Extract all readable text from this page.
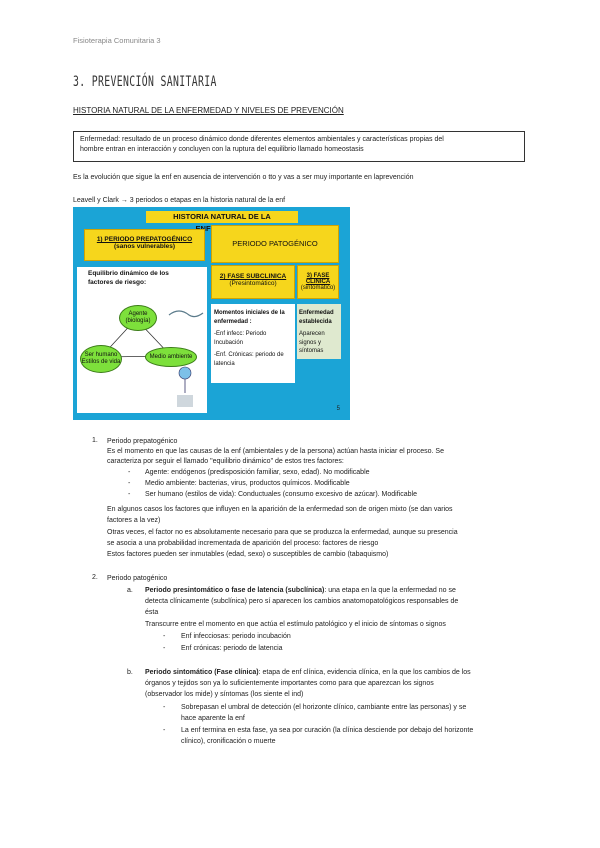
Fisioterapia Comunitaria 3
3. PREVENCIÓN SANITARIA
HISTORIA NATURAL DE LA ENFERMEDAD Y NIVELES DE PREVENCIÓN
Enfermedad: resultado de un proceso dinámico donde diferentes elementos ambientales y características propias del
hombre entran en interacción y concluyen con la ruptura del equilibrio llamado homeostasis
Es la evolución que sigue la enf en ausencia de intervención o tto y vas a ser muy importante en laprevención
Leavell y Clark → 3 periodos o etapas en la historia natural de la enf
HISTORIA NATURAL DE LA
1) PERIODO PREPATOGÉNICO
(sanos vulnerables)	PERIODO PATOGÉNICO
2) FASE SUBCLINICA
(Presintomático)
3) FASE CLINICA
(sintomático)
Equilibrio dinámico de los factores de riesgo:
Agente (biología)
Ser humano Estilos de vida
Medio ambiente
Momentos iniciales de la enfermedad :
-Enf infecc: Periodo Incubación
-Enf. Crónicas: periodo de latencia
Enfermedad establecida
Aparecen signos y síntomas
5
1. Periodo prepatogénico
Es el momento en que las causas de la enf (ambientales y de la persona) actúan hasta iniciar el proceso. Se
caracteriza por seguir el llamado "equilibrio dinámico" de estos tres factores:
- Agente: endógenos (predisposición familiar, sexo, edad). No modificable
- Medio ambiente: bacterias, virus, productos químicos. Modificable
- Ser humano (estilos de vida): Conductuales (consumo excesivo de azúcar). Modificable
En algunos casos los factores que influyen en la aparición de la enfermedad son de origen mixto (se dan varios
factores a la vez)
Otras veces, el factor no es absolutamente necesario para que se produzca la enfermedad, aunque su presencia
se asocia a una probabilidad incrementada de aparición del proceso: factores de riesgo
Estos factores pueden ser inmutables (edad, sexo) o susceptibles de cambio (tabaquismo)
2. Periodo patogénico
a. Periodo presintomático o fase de latencia (subclínica): una etapa en la que la enfermedad no se
detecta clínicamente (subclínica) pero sí aparecen los cambios anatomopatológicos responsables de
ésta
Transcurre entre el momento en que actúa el estímulo patológico y el inicio de síntomas o signos
- Enf infecciosas: periodo incubación
- Enf crónicas: periodo de latencia
b. Periodo sintomático (Fase clínica): etapa de enf clínica, evidencia clínica, en la que los cambios de los
órganos y tejidos son ya lo suficientemente importantes como para que aparezcan los signos
(observador los mide) y síntomas (los siente el ind)
- Sobrepasan el umbral de detección (el horizonte clínico, cambiante entre las personas) y se
hace aparente la enf
- La enf termina en esta fase, ya sea por curación (la clínica desciende por debajo del horizonte
clínico), cronificación o muerte
